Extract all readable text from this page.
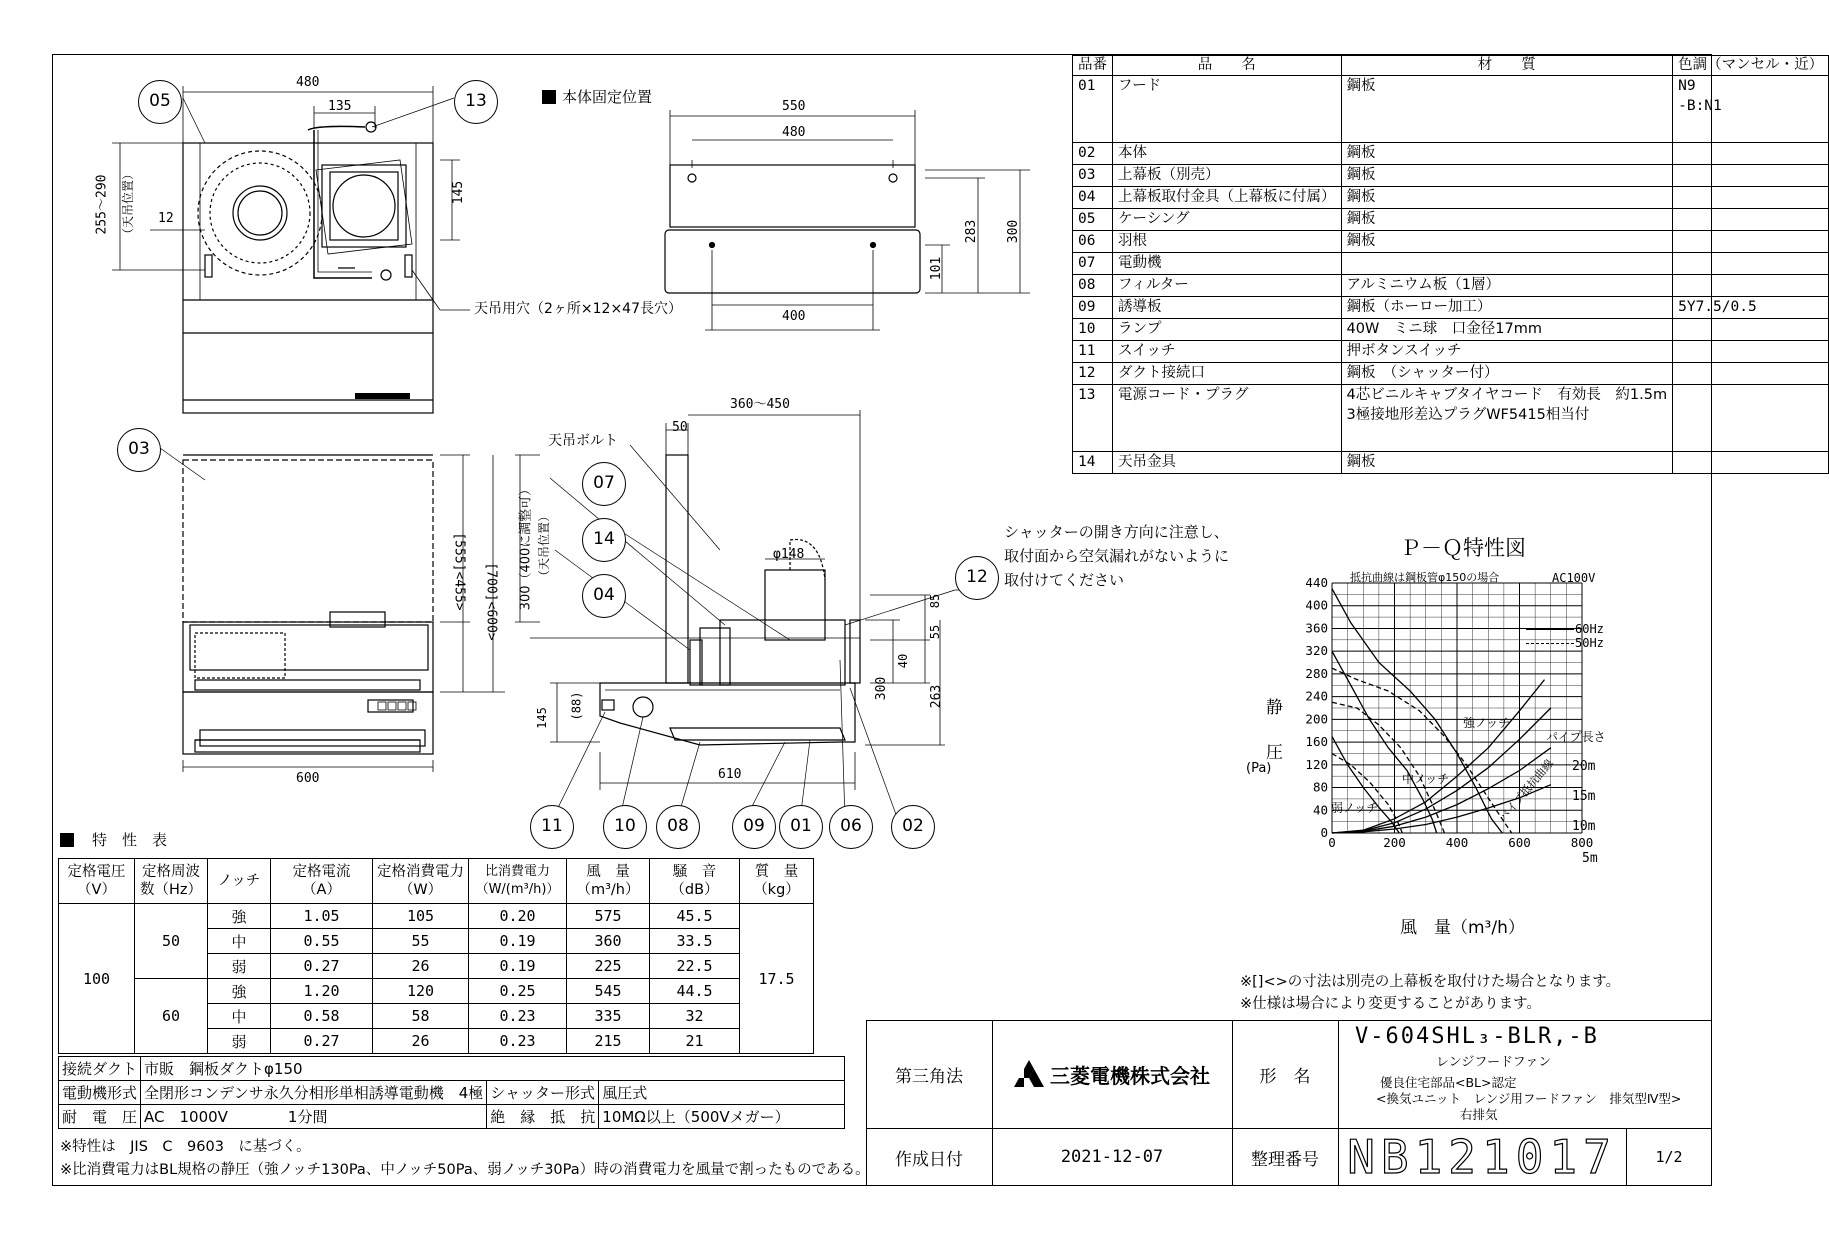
本体固定位置
480
135
145
12
255〜290 （天吊位置）
天吊用穴（2ヶ所×12×47長穴）
550
480
400
283 300
101
600
[555]<455> [700]<600> 300（400に調整可） （天吊位置）
天吊ボルト
360〜450
50
φ148
85
55
40
300	263
145 (88)
610
シャッターの開き方向に注意し、
取付面から空気漏れがないように
取付けてください
05	13
03
07
14
04
12
11	10	08	09	01	06	02
品番	品　　名	材　　質	色調（マンセル・近）
01	フード	鋼板	N9
-B:N1

02	本体	鋼板	
03	上幕板（別売）	鋼板	
04	上幕板取付金具（上幕板に付属）	鋼板	
05	ケーシング	鋼板	
06	羽根	鋼板	
07	電動機		
08	フィルター	アルミニウム板（1層）	
09	誘導板	鋼板（ホーロー加工）	5Y7.5/0.5
10	ランプ	40W　ミニ球　口金径17mm	
11	スイッチ	押ボタンスイッチ	
12	ダクト接続口	鋼板　（シャッター付）	
13	電源コード・プラグ	4芯ビニルキャブタイヤコード　有効長　約1.5m
3極接地形差込プラグWF5415相当付	

14	天吊金具	鋼板	
Ｐ－Ｑ特性図
抵抗曲線は鋼板管φ150の場合	AC100V
静
圧
(Pa)
風　量（m³/h）
0	200	400	600	800
0
40
80
120
160
200
240
280
320
360
400
440
60Hz
50Hz
強ノッチ
中ノッチ
弱ノッチ
パイプ長さ
パイプ抵抗曲線 20m
15m
10m
5m
特　性　表
定格電圧（V）	定格周波数（Hz）	ノッチ	定格電流（A）	定格消費電力（W）	比消費電力（W/(m³/h)）	風　量（m³/h）	騒　音（dB）	質　量（kg）
100	50	強	1.05	105	0.20	575	45.5	17.5
		中	0.55	55	0.19	360	33.5	
		弱	0.27	26	0.19	225	22.5	
	60	強	1.20	120	0.25	545	44.5	
		中	0.58	58	0.23	335	32	
		弱	0.27	26	0.23	215	21	
接続ダクト	市販　鋼板ダクトφ150		
電動機形式	全閉形コンデンサ永久分相形単相誘導電動機　4極	シャッター形式	風圧式
耐　電　圧	AC　1000V　　　　1分間	絶　縁　抵　抗	10MΩ以上（500Vメガー）
※特性は　JIS　C　9603　に基づく。
※比消費電力はBL規格の静圧（強ノッチ130Pa、中ノッチ50Pa、弱ノッチ30Pa）時の消費電力を風量で割ったものである。
※[]<>の寸法は別売の上幕板を取付けた場合となります。
※仕様は場合により変更することがあります。
第三角法	三菱電機株式会社	形　名
V-604SHL₃-BLR,-B
レンジフードファン
優良住宅部品<BL>認定
<換気ユニット　レンジ用フードファン　排気型Ⅳ型>
右排気
作成日付	2021-12-07	整理番号 NB121017	1/2
